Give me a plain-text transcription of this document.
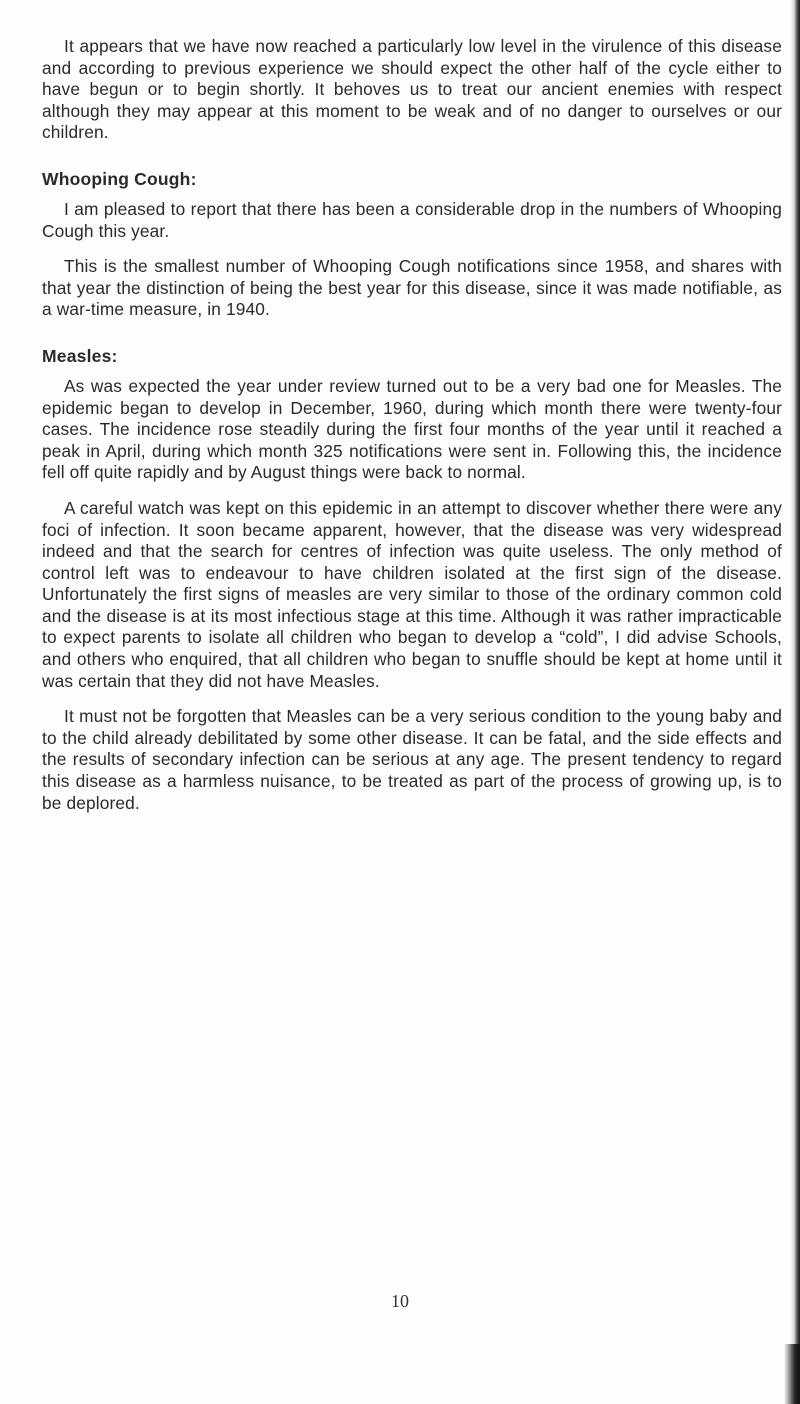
It appears that we have now reached a particularly low level in the virulence of this disease and according to previous experience we should expect the other half of the cycle either to have begun or to begin shortly. It behoves us to treat our ancient enemies with respect although they may appear at this moment to be weak and of no danger to ourselves or our children.

Whooping Cough:

I am pleased to report that there has been a considerable drop in the numbers of Whooping Cough this year.

This is the smallest number of Whooping Cough notifications since 1958, and shares with that year the distinction of being the best year for this disease, since it was made notifiable, as a war-time measure, in 1940.

Measles:

As was expected the year under review turned out to be a very bad one for Measles. The epidemic began to develop in December, 1960, during which month there were twenty-four cases. The incidence rose steadily during the first four months of the year until it reached a peak in April, during which month 325 notifications were sent in. Following this, the incidence fell off quite rapidly and by August things were back to normal.

A careful watch was kept on this epidemic in an attempt to discover whether there were any foci of infection. It soon became apparent, however, that the disease was very widespread indeed and that the search for centres of infection was quite useless. The only method of control left was to endeavour to have children isolated at the first sign of the disease. Unfortunately the first signs of measles are very similar to those of the ordinary common cold and the disease is at its most infectious stage at this time. Although it was rather impracticable to expect parents to isolate all children who began to develop a “cold”, I did advise Schools, and others who enquired, that all children who began to snuffle should be kept at home until it was certain that they did not have Measles.

It must not be forgotten that Measles can be a very serious condition to the young baby and to the child already debilitated by some other disease. It can be fatal, and the side effects and the results of secondary infection can be serious at any age. The present tendency to regard this disease as a harmless nuisance, to be treated as part of the process of growing up, is to be deplored.

10
